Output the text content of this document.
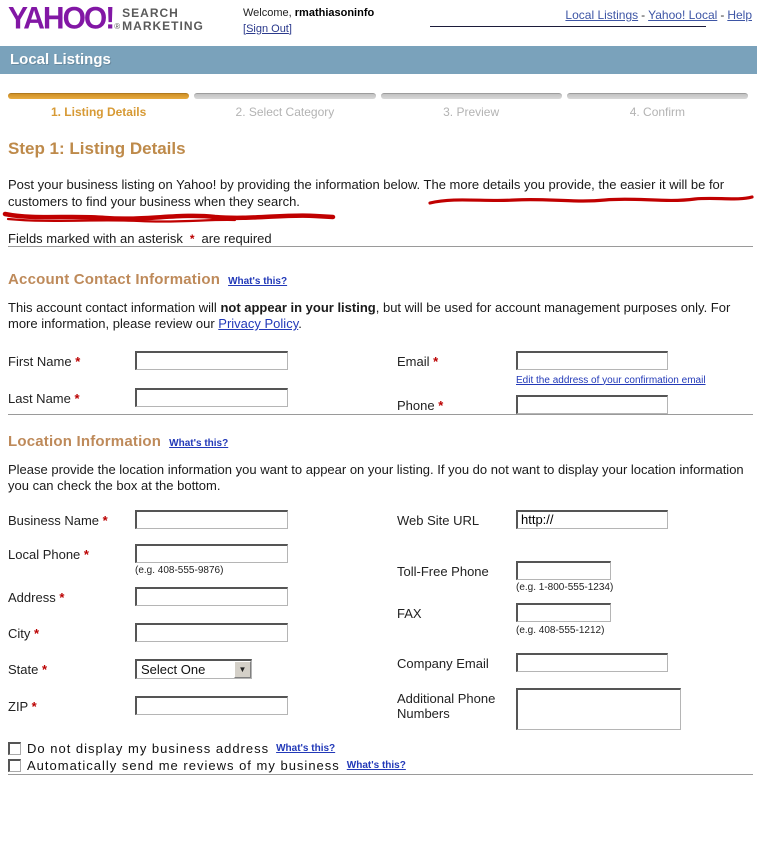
YAHOO! ®
SEARCH
MARKETING
Welcome, rmathiasoninfo
[Sign Out]
Local Listings - Yahoo! Local - Help
Local Listings
1. Listing Details	2. Select Category	3. Preview	4. Confirm
Step 1: Listing Details
Post your business listing on Yahoo! by providing the information below. The more details you provide, the easier it will be for
customers to find your business when they search.
Fields marked with an asterisk * are required
Account Contact Information What's this?
This account contact information will not appear in your listing, but will be used for account management purposes only. For more information, please review our Privacy Policy.
First Name *
Last Name *
Email *
Edit the address of your confirmation email
Phone *
Location Information What's this?
Please provide the location information you want to appear on your listing. If you do not want to display your location information you can check the box at the bottom.
Business Name *
Local Phone *
(e.g. 408-555-9876)
Address *
City *
State *	Select One	▼
ZIP *
Web Site URL
http://
Toll-Free Phone
(e.g. 1-800-555-1234)
FAX
(e.g. 408-555-1212)
Company Email
Additional Phone Numbers
Do not display my business address What's this?
Automatically send me reviews of my business What's this?
